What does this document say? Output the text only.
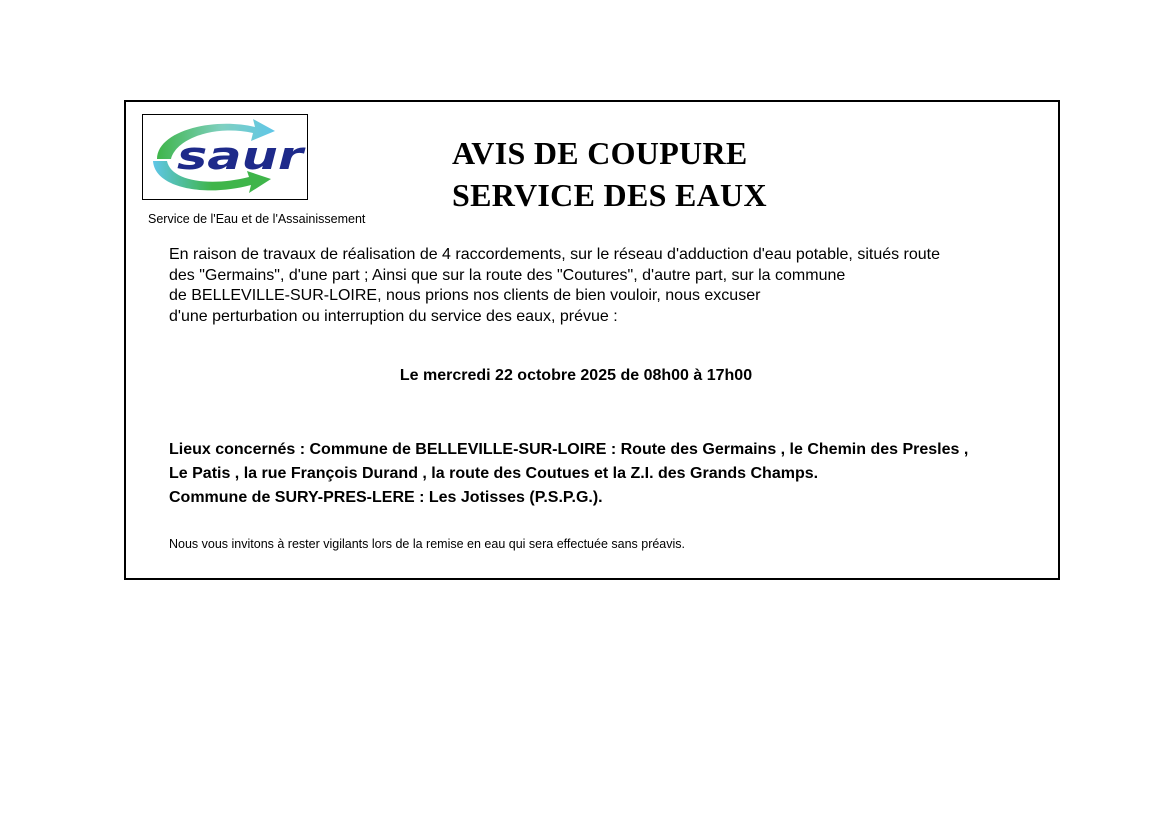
saur
Service de l'Eau et de l'Assainissement
AVIS DE COUPURE
SERVICE DES EAUX
En raison de travaux de réalisation de 4 raccordements, sur le réseau d'adduction d'eau potable, situés route
des "Germains", d'une part ; Ainsi que sur la route des "Coutures", d'autre part, sur la commune
de BELLEVILLE-SUR-LOIRE, nous prions nos clients de bien vouloir, nous excuser
d'une perturbation ou interruption du service des eaux, prévue :
Le mercredi 22 octobre 2025 de 08h00 à 17h00
Lieux concernés : Commune de BELLEVILLE-SUR-LOIRE : Route des Germains , le Chemin des Presles ,
Le Patis , la rue François Durand , la route des Coutues et la Z.I. des Grands Champs.
Commune de SURY-PRES-LERE : Les Jotisses (P.S.P.G.).
Nous vous invitons à rester vigilants lors de la remise en eau qui sera effectuée sans préavis.
